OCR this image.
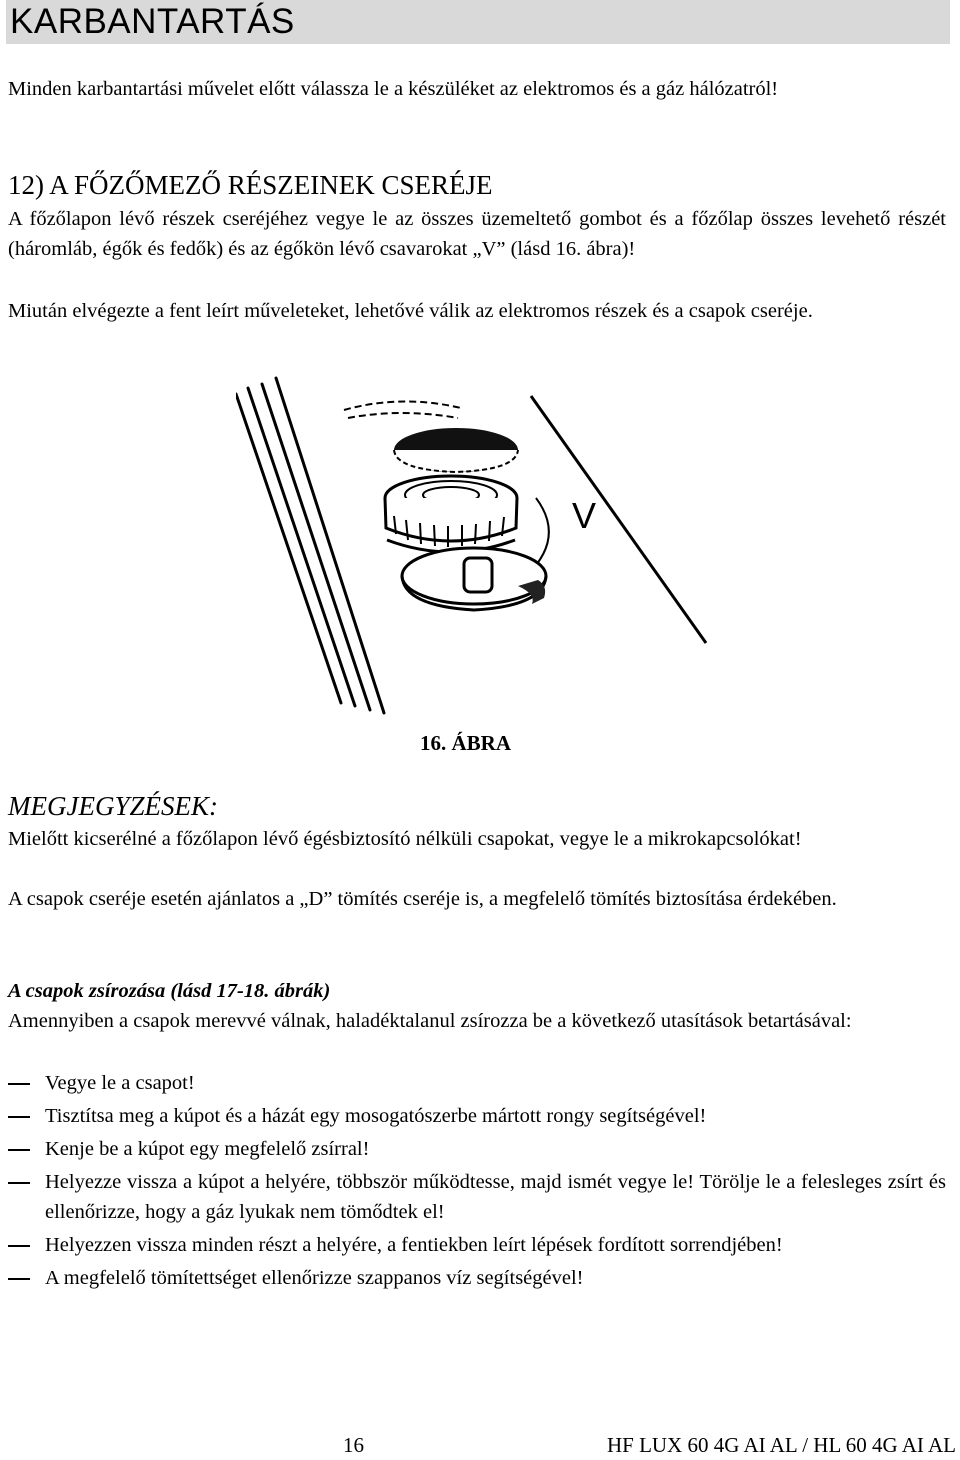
KARBANTARTÁS
Minden karbantartási művelet előtt válassza le a készüléket az elektromos és a gáz hálózatról!
12) A FŐZŐMEZŐ RÉSZEINEK CSERÉJE
A főzőlapon lévő részek cseréjéhez vegye le az összes üzemeltető gombot és a főzőlap összes levehető részét (háromláb, égők és fedők) és az égőkön lévő csavarokat „V” (lásd 16. ábra)!
Miután elvégezte a fent leírt műveleteket, lehetővé válik az elektromos részek és a csapok cseréje.
V
16. ÁBRA
MEGJEGYZÉSEK:
Mielőtt kicserélné a főzőlapon lévő égésbiztosító nélküli csapokat, vegye le a mikrokapcsolókat!
A csapok cseréje esetén ajánlatos a „D” tömítés cseréje is, a megfelelő tömítés biztosítása érdekében.
A csapok zsírozása (lásd 17-18. ábrák)
Amennyiben a csapok merevvé válnak, haladéktalanul zsírozza be a következő utasítások betartásával:
Vegye le a csapot!
Tisztítsa meg a kúpot és a házát egy mosogatószerbe mártott rongy segítségével!
Kenje be a kúpot egy megfelelő zsírral!
Helyezze vissza a kúpot a helyére, többször működtesse, majd ismét vegye le! Törölje le a felesleges zsírt és ellenőrizze, hogy a gáz lyukak nem tömődtek el!
Helyezzen vissza minden részt a helyére, a fentiekben leírt lépések fordított sorrendjében!
A megfelelő tömítettséget ellenőrizze szappanos víz segítségével!
16	HF LUX 60 4G AI AL / HL 60 4G AI AL
